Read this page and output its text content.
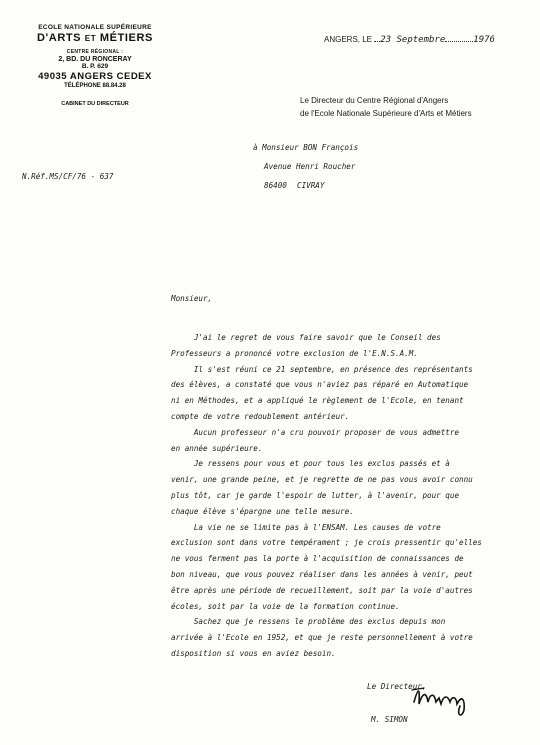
ECOLE NATIONALE SUPÉRIEURE
D'ARTS ET MÉTIERS
CENTRE RÉGIONAL :
2, BD. DU RONCERAY
B. P. 629
49035 ANGERS CEDEX
TÉLÉPHONE 88.84.28
CABINET DU DIRECTEUR
ANGERS, LE 23 Septembre	1976
Le Directeur du Centre Régional d'Angers
de l'Ecole Nationale Supérieure d'Arts et Métiers
à Monsieur BON François
Avenue Henri Roucher
86400 CIVRAY
N.Réf.MS/CF/76 - 637
Monsieur,
J'ai le regret de vous faire savoir que le Conseil des
Professeurs a prononcé votre exclusion de l'E.N.S.A.M.
Il s'est réuni ce 21 septembre, en présence des représentants
des élèves, a constaté que vous n'aviez pas réparé en Automatique
ni en Méthodes, et a appliqué le règlement de l'Ecole, en tenant
compte de votre redoublement antérieur.
Aucun professeur n'a cru pouvoir proposer de vous admettre
en année supérieure.
Je ressens pour vous et pour tous les exclus passés et à
venir, une grande peine, et je regrette de ne pas vous avoir connu
plus tôt, car je garde l'espoir de lutter, à l'avenir, pour que
chaque élève s'épargne une telle mesure.
La vie ne se limite pas à l'ENSAM. Les causes de votre
exclusion sont dans votre tempérament ; je crois pressentir qu'elles
ne vous ferment pas la porte à l'acquisition de connaissances de
bon niveau, que vous pouvez réaliser dans les années à venir, peut
être après une période de recueillement, soit par la voie d'autres
écoles, soit par la voie de la formation continue.
Sachez que je ressens le problème des exclus depuis mon
arrivée à l'Ecole en 1952, et que je reste personnellement à votre
disposition si vous en aviez besoin.
Le Directeur,
M. SIMON
